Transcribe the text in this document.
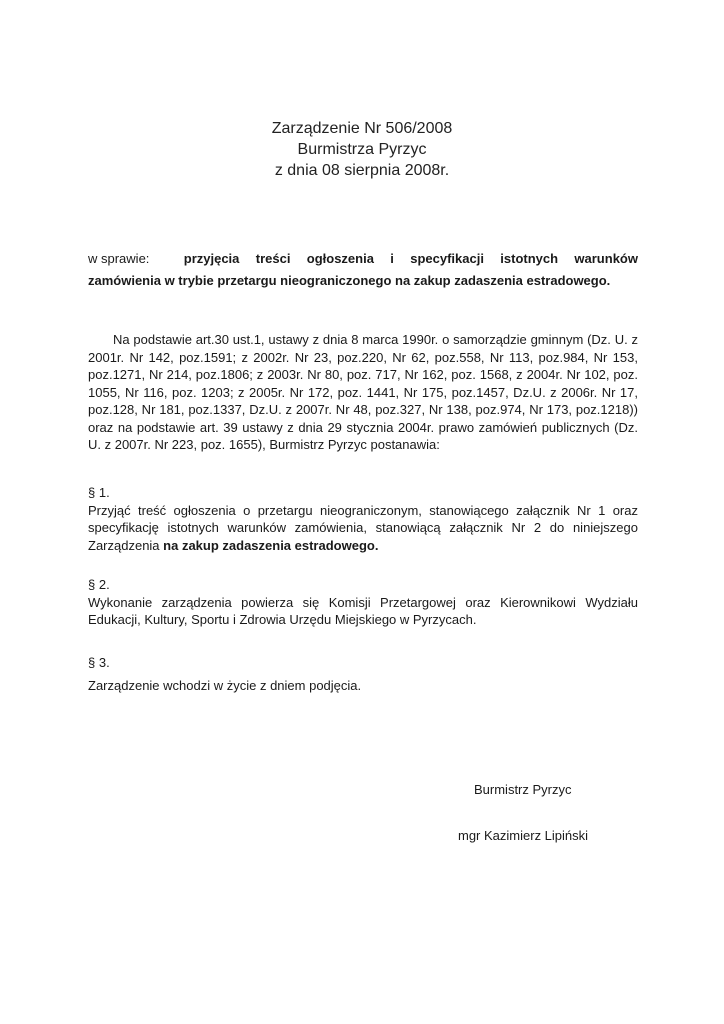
Zarządzenie Nr 506/2008
Burmistrza Pyrzyc
z dnia 08 sierpnia 2008r.
w sprawie:	przyjęcia treści ogłoszenia i specyfikacji istotnych warunków
zamówienia w trybie przetargu nieograniczonego na zakup zadaszenia estradowego.
Na podstawie art.30 ust.1, ustawy z dnia 8 marca 1990r. o samorządzie gminnym (Dz. U. z 2001r. Nr 142, poz.1591; z 2002r. Nr 23, poz.220, Nr 62, poz.558, Nr 113, poz.984, Nr 153, poz.1271, Nr 214, poz.1806; z 2003r. Nr 80, poz. 717, Nr 162, poz. 1568, z 2004r. Nr 102, poz. 1055, Nr 116, poz. 1203; z 2005r. Nr 172, poz. 1441, Nr 175, poz.1457, Dz.U. z 2006r. Nr 17, poz.128, Nr 181, poz.1337, Dz.U. z 2007r. Nr 48, poz.327, Nr 138, poz.974, Nr 173, poz.1218)) oraz na podstawie art. 39 ustawy z dnia 29 stycznia 2004r. prawo zamówień publicznych (Dz. U. z 2007r. Nr 223, poz. 1655), Burmistrz Pyrzyc postanawia:
§ 1.
Przyjąć treść ogłoszenia o przetargu nieograniczonym, stanowiącego załącznik Nr 1 oraz specyfikację istotnych warunków zamówienia, stanowiącą załącznik Nr 2 do niniejszego Zarządzenia na zakup zadaszenia estradowego.
§ 2.
Wykonanie zarządzenia powierza się Komisji Przetargowej oraz Kierownikowi Wydziału Edukacji, Kultury, Sportu i Zdrowia Urzędu Miejskiego w Pyrzycach.
§ 3.
Zarządzenie wchodzi w życie z dniem podjęcia.
Burmistrz Pyrzyc
mgr Kazimierz Lipiński
